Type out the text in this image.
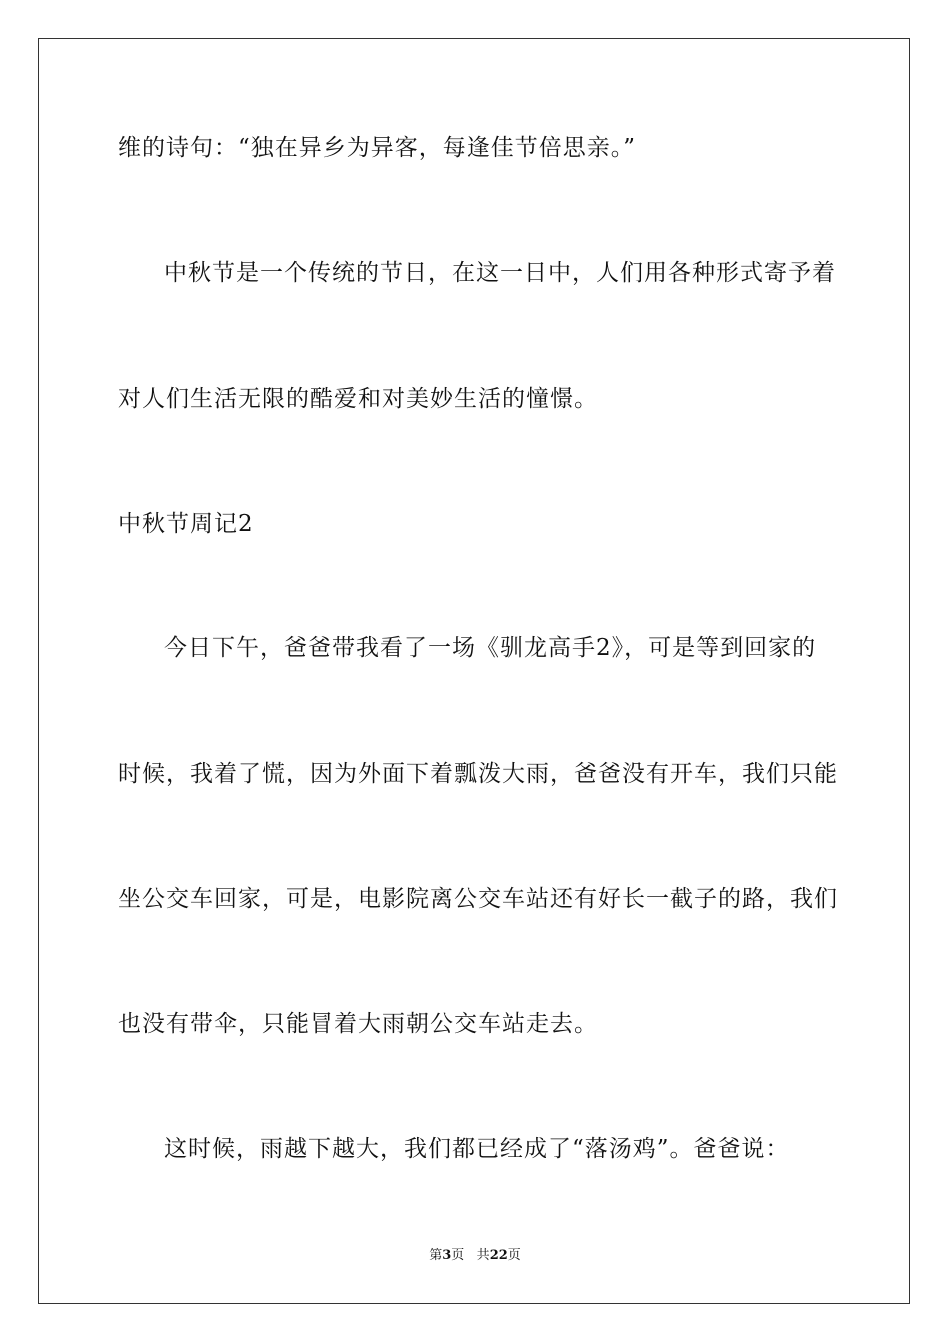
维的诗句：“独在异乡为异客，每逢佳节倍思亲。”
中秋节是一个传统的节日，在这一日中，人们用各种形式寄予着
对人们生活无限的酷爱和对美妙生活的憧憬。
中秋节周记2
今日下午，爸爸带我看了一场《驯龙高手2》，可是等到回家的
时候，我着了慌，因为外面下着瓢泼大雨，爸爸没有开车，我们只能
坐公交车回家，可是，电影院离公交车站还有好长一截子的路，我们
也没有带伞，只能冒着大雨朝公交车站走去。
这时候，雨越下越大，我们都已经成了“落汤鸡”。爸爸说：
第3页 共22页
